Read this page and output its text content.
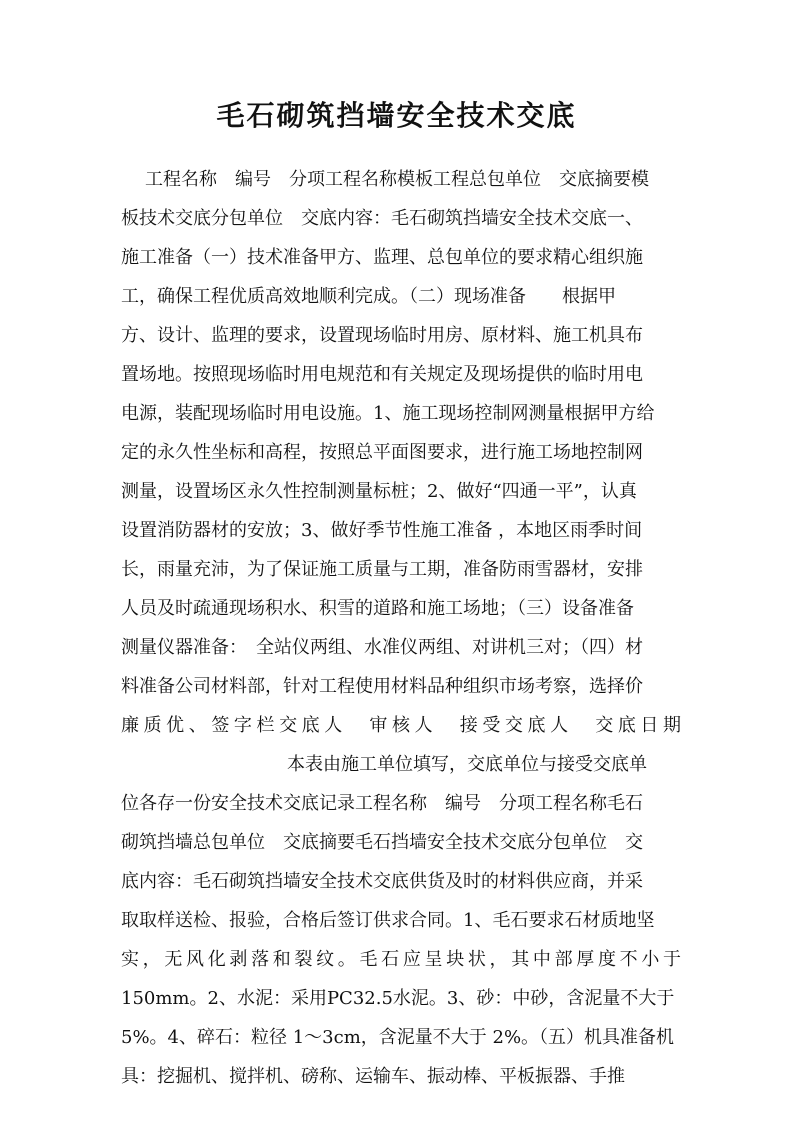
毛石砌筑挡墙安全技术交底
工程名称　编号　分项工程名称模板工程总包单位　交底摘要模
板技术交底分包单位　交底内容：毛石砌筑挡墙安全技术交底一、
施工准备（一）技术准备甲方、监理、总包单位的要求精心组织施
工，确保工程优质高效地顺利完成。（二）现场准备　　根据甲
方、设计、监理的要求，设置现场临时用房、原材料、施工机具布
置场地。按照现场临时用电规范和有关规定及现场提供的临时用电
电源，装配现场临时用电设施。1、施工现场控制网测量根据甲方给
定的永久性坐标和高程，按照总平面图要求，进行施工场地控制网
测量，设置场区永久性控制测量标桩；2、做好“四通一平”，认真
设置消防器材的安放；3、做好季节性施工准备 ，本地区雨季时间
长，雨量充沛，为了保证施工质量与工期，准备防雨雪器材，安排
人员及时疏通现场积水、积雪的道路和施工场地；（三）设备准备
测量仪器准备：　全站仪两组、水准仪两组、对讲机三对；（四）材
料准备公司材料部，针对工程使用材料品种组织市场考察，选择价
廉质优、签字栏交底人　审核人　接受交底人　交底日期
本表由施工单位填写，交底单位与接受交底单
位各存一份安全技术交底记录工程名称　编号　分项工程名称毛石
砌筑挡墙总包单位　交底摘要毛石挡墙安全技术交底分包单位　交
底内容：毛石砌筑挡墙安全技术交底供货及时的材料供应商，并采
取取样送检、报验，合格后签订供求合同。1、毛石要求石材质地坚
实，无风化剥落和裂纹。毛石应呈块状，其中部厚度不小于
150mm。2、水泥：采用PC32.5水泥。3、砂：中砂，含泥量不大于
5%。4、碎石：粒径 1～3cm，含泥量不大于 2%。（五）机具准备机
具：挖掘机、搅拌机、磅称、运输车、振动棒、平板振器、手推
